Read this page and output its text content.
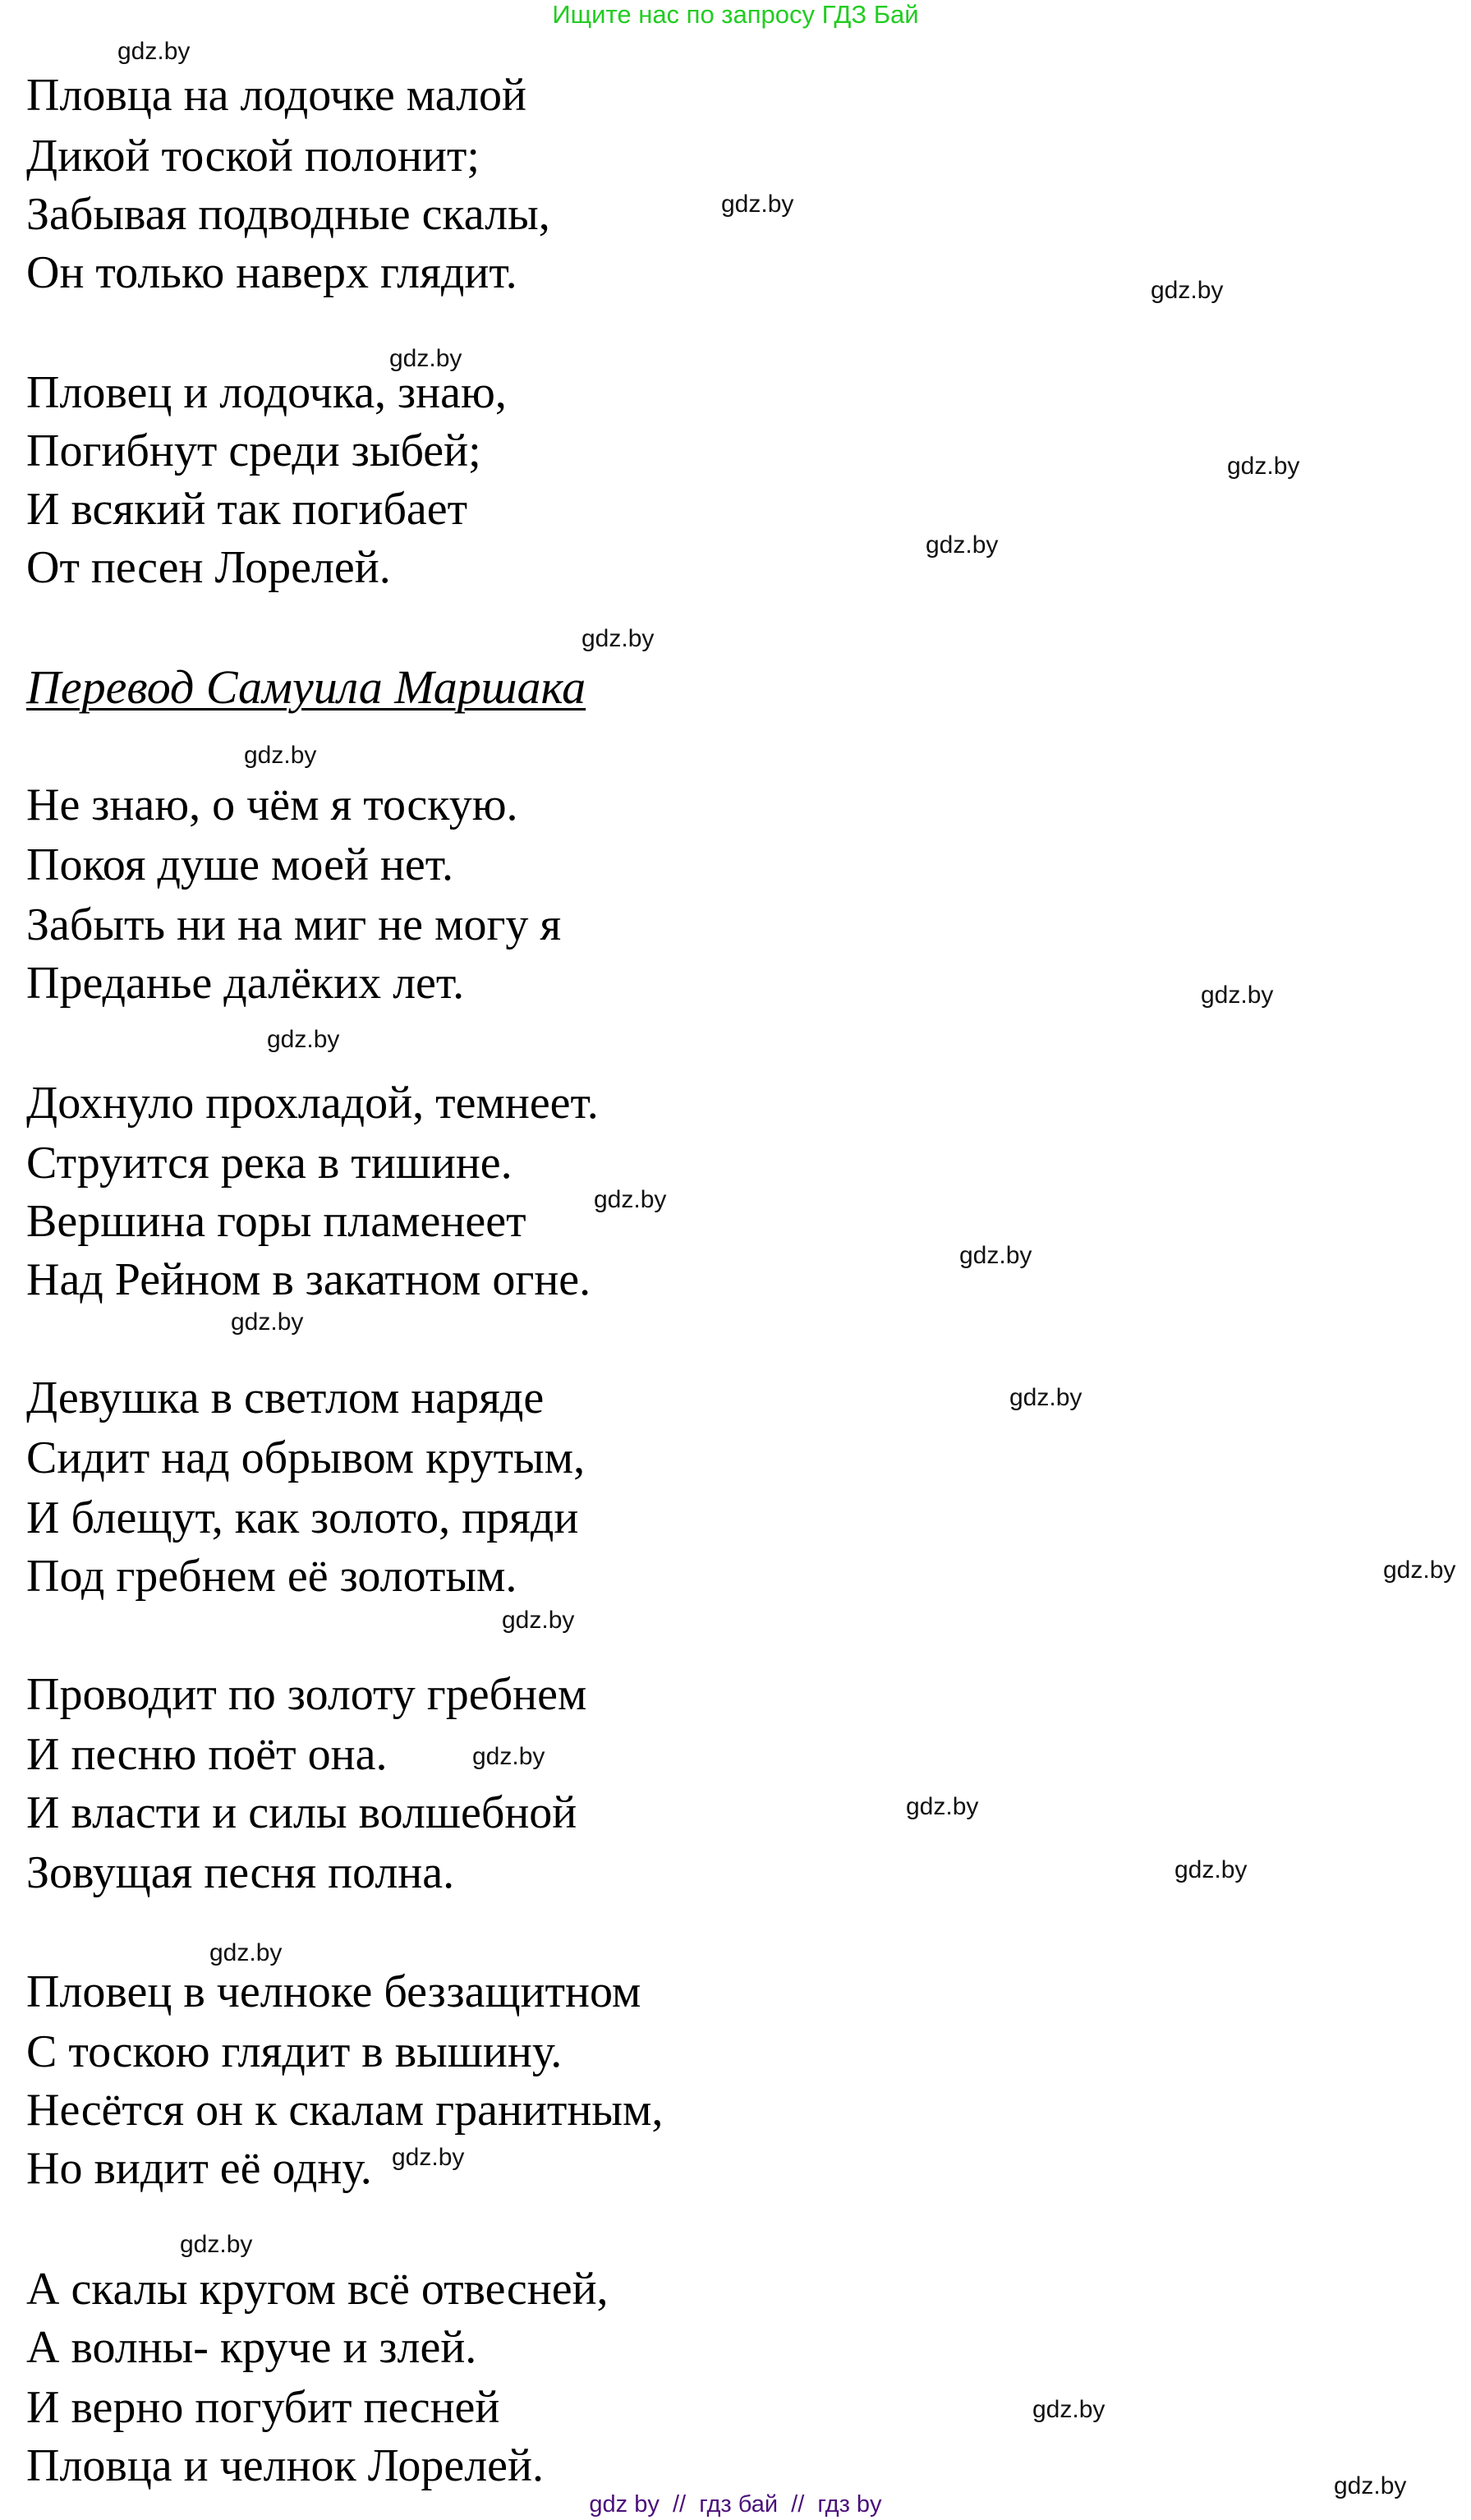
Ищите нас по запросу ГДЗ Бай
Пловца на лодочке малой
Дикой тоской полонит;
Забывая подводные скалы,
Он только наверх глядит.
Пловец и лодочка, знаю,
Погибнут среди зыбей;
И всякий так погибает
От песен Лорелей.
Перевод Самуила Маршака
Не знаю, о чём я тоскую.
Покоя душе моей нет.
Забыть ни на миг не могу я
Преданье далёких лет.
Дохнуло прохладой, темнеет.
Струится река в тишине.
Вершина горы пламенеет
Над Рейном в закатном огне.
Девушка в светлом наряде
Сидит над обрывом крутым,
И блещут, как золото, пряди
Под гребнем её золотым.
Проводит по золоту гребнем
И песню поёт она.
И власти и силы волшебной
Зовущая песня полна.
Пловец в челноке беззащитном
С тоскою глядит в вышину.
Несётся он к скалам гранитным,
Но видит её одну.
А скалы кругом всё отвесней,
А волны- круче и злей.
И верно погубит песней
Пловца и челнок Лорелей.
gdz.by
gdz.by
gdz.by
gdz.by
gdz.by
gdz.by
gdz.by
gdz.by
gdz.by
gdz.by
gdz.by
gdz.by
gdz.by
gdz.by
gdz.by
gdz.by
gdz.by
gdz.by
gdz.by
gdz.by
gdz.by
gdz.by
gdz.by
gdz.by
gdz by  //  гдз бай  //  гдз by
